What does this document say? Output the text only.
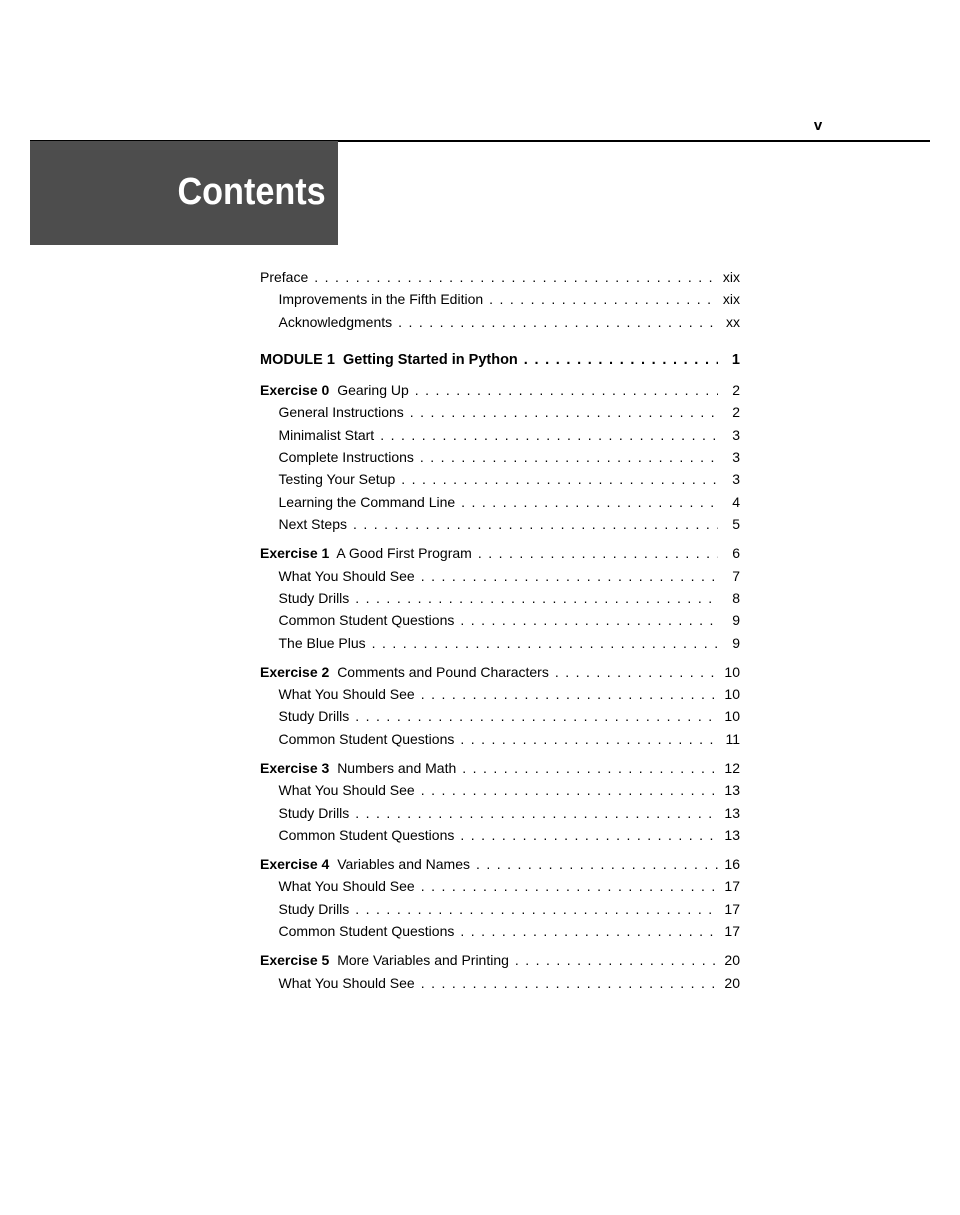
v
Contents
Preface . . .	xix
Improvements in the Fifth Edition . . .	xix
Acknowledgments . . .	xx
MODULE 1  Getting Started in Python . . .	1
Exercise 0 Gearing Up . . .	2
General Instructions . . .	2
Minimalist Start . . .	3
Complete Instructions . . .	3
Testing Your Setup . . .	3
Learning the Command Line . . .	4
Next Steps . . .	5
Exercise 1 A Good First Program . . .	6
What You Should See . . .	7
Study Drills . . .	8
Common Student Questions . . .	9
The Blue Plus . . .	9
Exercise 2 Comments and Pound Characters . . .	10
What You Should See . . .	10
Study Drills . . .	10
Common Student Questions . . .	11
Exercise 3 Numbers and Math . . .	12
What You Should See . . .	13
Study Drills . . .	13
Common Student Questions . . .	13
Exercise 4 Variables and Names . . .	16
What You Should See . . .	17
Study Drills . . .	17
Common Student Questions . . .	17
Exercise 5 More Variables and Printing . . .	20
What You Should See . . .	20
